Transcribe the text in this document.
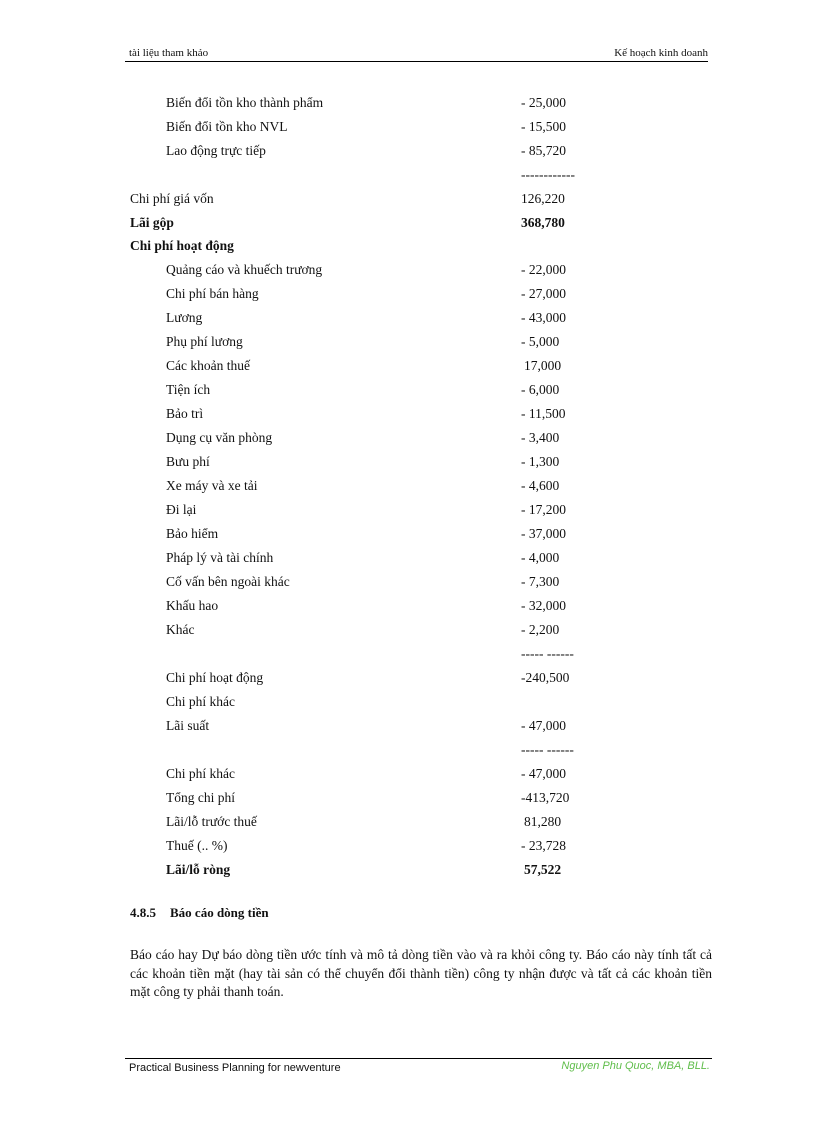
tài liệu tham khảo	Kế hoạch kinh doanh
Biến đổi tồn kho thành phẩm	- 25,000
Biến đổi tồn kho NVL	- 15,500
Lao động trực tiếp	- 85,720
------------
Chi phí giá vốn	126,220
Lãi gộp	368,780
Chi phí hoạt động
Quảng cáo và khuếch trương	- 22,000
Chi phí bán hàng	- 27,000
Lương	- 43,000
Phụ phí lương	- 5,000
Các khoản thuế	17,000
Tiện ích	- 6,000
Bảo trì	- 11,500
Dụng cụ văn phòng	- 3,400
Bưu phí	- 1,300
Xe máy và xe tải	- 4,600
Đi lại	- 17,200
Bảo hiểm	- 37,000
Pháp lý và tài chính	- 4,000
Cố vấn bên ngoài khác	- 7,300
Khấu hao	- 32,000
Khác	- 2,200
----- ------
Chi phí hoạt động	-240,500
Chi phí khác
Lãi suất	- 47,000
----- ------
Chi phí khác	- 47,000
Tổng chi phí	-413,720
Lãi/lỗ trước thuế	81,280
Thuế (.. %)	- 23,728
Lãi/lỗ ròng	57,522
4.8.5 Báo cáo dòng tiền
Báo cáo hay Dự báo dòng tiền ước tính và mô tả dòng tiền vào và ra khỏi công ty. Báo cáo này tính tất cả các khoản tiền mặt (hay tài sản có thể chuyển đổi thành tiền) công ty nhận được và tất cả các khoản tiền mặt công ty phải thanh toán.
Practical Business Planning for newventure	Nguyen Phu Quoc, MBA, BLL.
